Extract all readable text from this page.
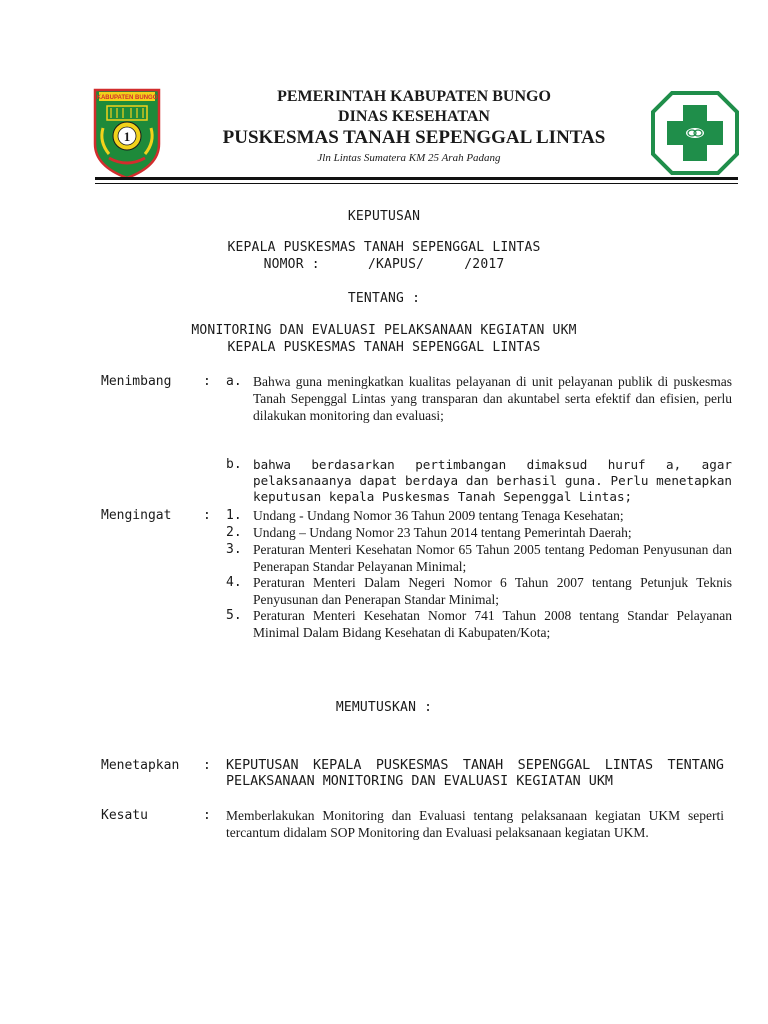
KABUPATEN BUNGO
1
PEMERINTAH KABUPATEN BUNGO
DINAS KESEHATAN
PUSKESMAS TANAH SEPENGGAL LINTAS
Jln Lintas Sumatera KM 25 Arah Padang
KEPUTUSAN
KEPALA PUSKESMAS TANAH SEPENGGAL LINTAS
NOMOR :      /KAPUS/     /2017
TENTANG :
MONITORING DAN EVALUASI PELAKSANAAN KEGIATAN UKM
KEPALA PUSKESMAS TANAH SEPENGGAL LINTAS
Menimbang : a. Bahwa guna meningkatkan kualitas pelayanan di unit pelayanan publik di puskesmas Tanah Sepenggal Lintas yang transparan dan akuntabel serta efektif dan efisien, perlu dilakukan monitoring dan evaluasi;
b. bahwa berdasarkan pertimbangan dimaksud huruf a, agar pelaksanaanya dapat berdaya dan berhasil guna. Perlu menetapkan keputusan kepala Puskesmas Tanah Sepenggal Lintas;
Mengingat : 1. Undang - Undang Nomor 36 Tahun 2009 tentang Tenaga Kesehatan;
2. Undang – Undang Nomor 23 Tahun 2014 tentang Pemerintah Daerah;
3. Peraturan Menteri Kesehatan Nomor 65 Tahun 2005 tentang Pedoman Penyusunan dan Penerapan Standar Pelayanan Minimal;
4. Peraturan Menteri Dalam Negeri Nomor 6 Tahun 2007 tentang Petunjuk Teknis Penyusunan dan Penerapan Standar Minimal;
5. Peraturan Menteri Kesehatan Nomor 741 Tahun 2008 tentang Standar Pelayanan Minimal Dalam Bidang Kesehatan di Kabupaten/Kota;
MEMUTUSKAN :
Menetapkan : KEPUTUSAN KEPALA PUSKESMAS TANAH SEPENGGAL LINTAS TENTANG PELAKSANAAN MONITORING DAN EVALUASI KEGIATAN UKM
Kesatu	: Memberlakukan Monitoring dan Evaluasi tentang pelaksanaan kegiatan UKM seperti tercantum didalam SOP Monitoring dan Evaluasi pelaksanaan kegiatan UKM.
